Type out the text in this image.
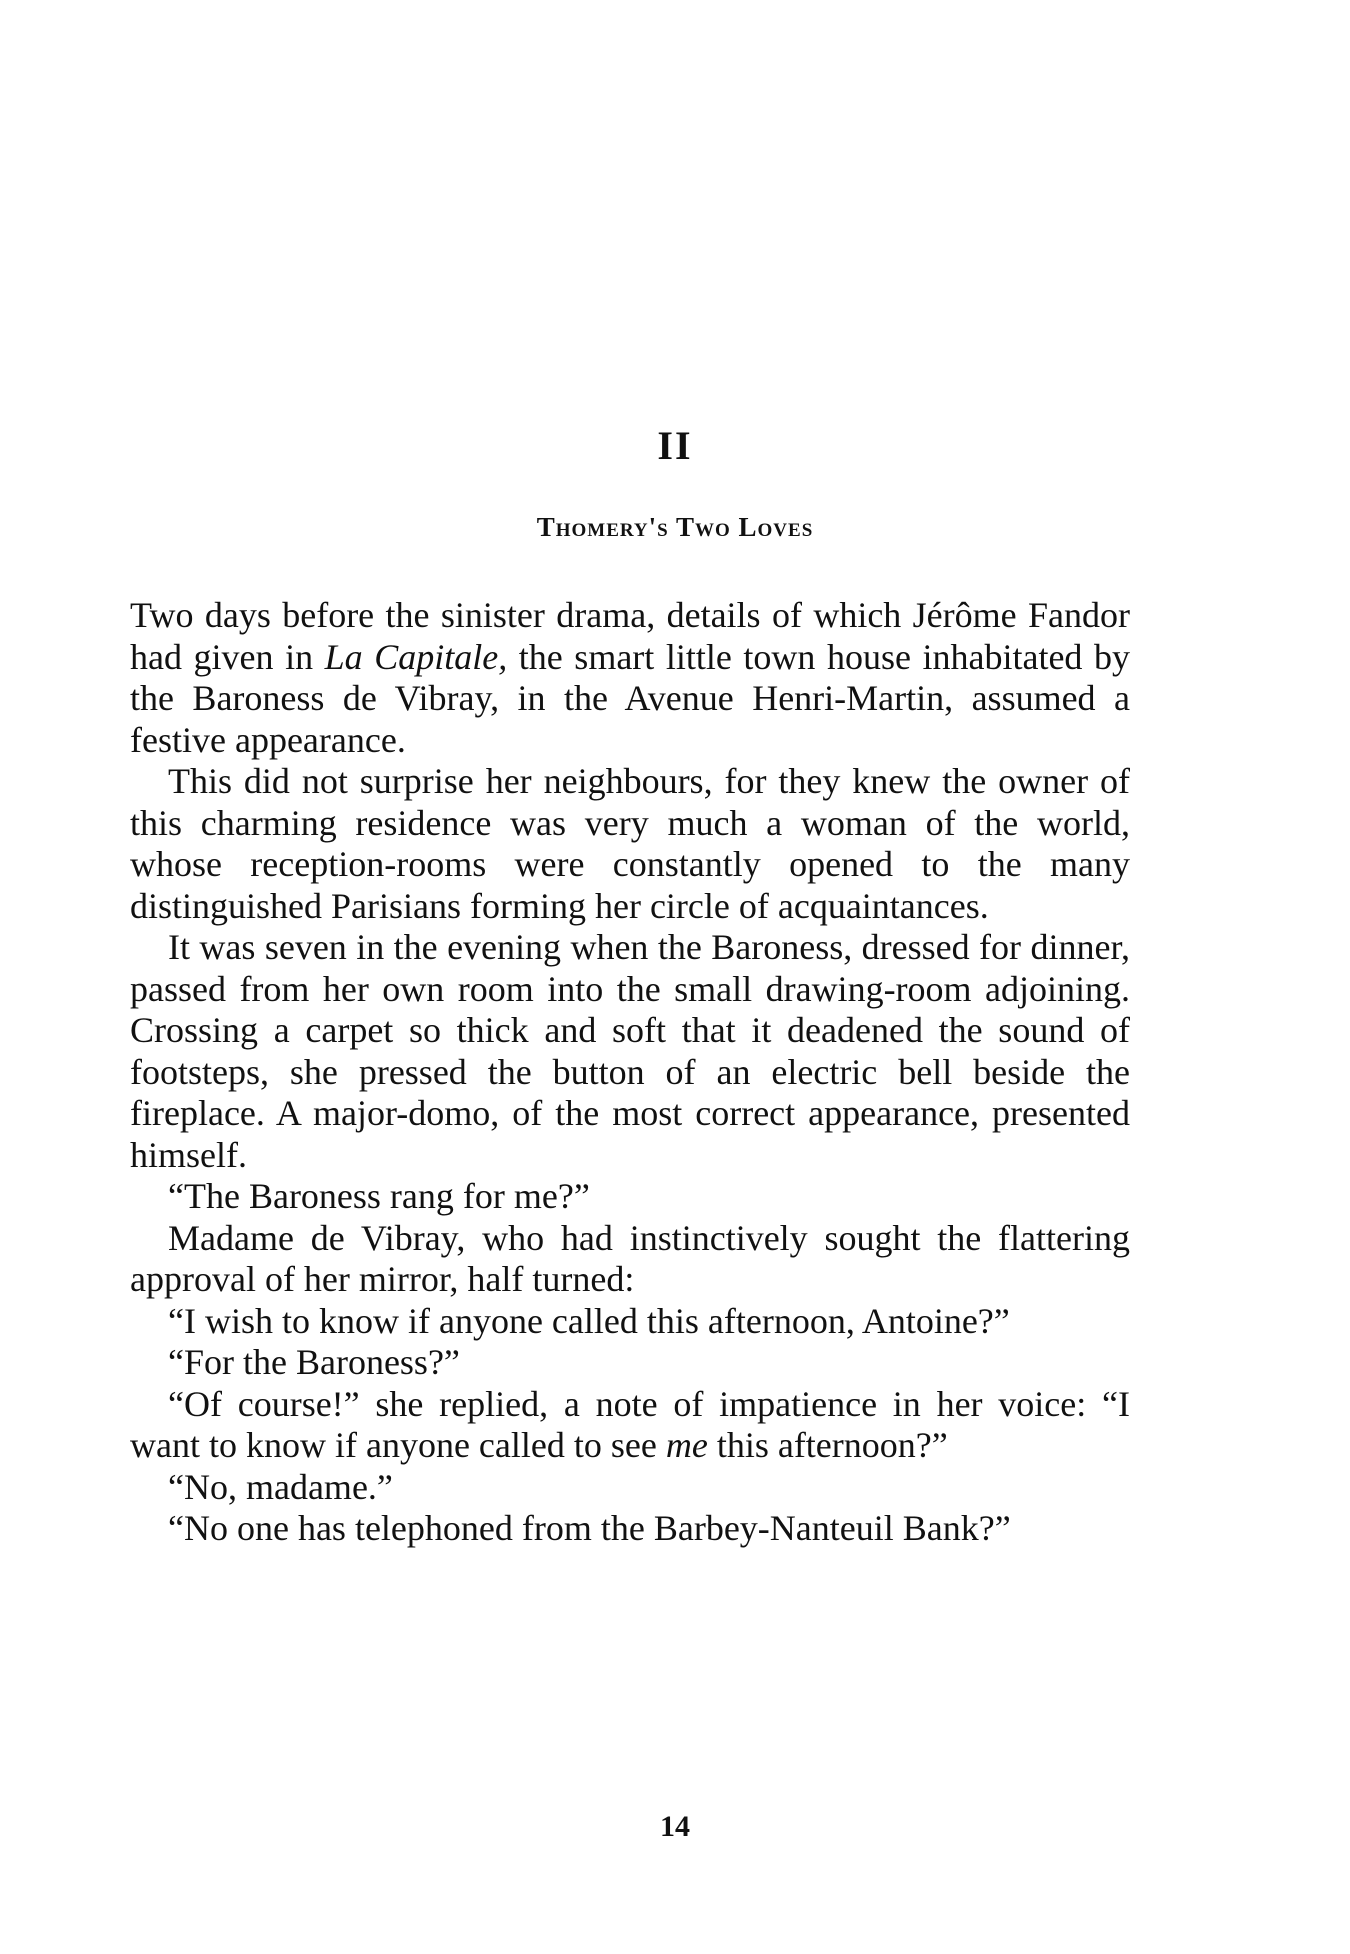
II
Thomery's Two Loves

Two days before the sinister drama, details of which Jérôme Fandor had given in La Capitale, the smart little town house inhabitated by the Baroness de Vibray, in the Avenue Henri-Martin, assumed a festive appearance.

This did not surprise her neighbours, for they knew the owner of this charming residence was very much a woman of the world, whose reception-rooms were constantly opened to the many distinguished Parisians forming her circle of acquaintances.

It was seven in the evening when the Baroness, dressed for dinner, passed from her own room into the small drawing-room adjoining. Crossing a carpet so thick and soft that it deadened the sound of footsteps, she pressed the button of an electric bell beside the fireplace. A major-domo, of the most correct appearance, presented himself.

“The Baroness rang for me?”

Madame de Vibray, who had instinctively sought the flattering approval of her mirror, half turned:

“I wish to know if anyone called this afternoon, Antoine?”

“For the Baroness?”

“Of course!” she replied, a note of impatience in her voice: “I want to know if anyone called to see me this afternoon?”

“No, madame.”

“No one has telephoned from the Barbey-Nanteuil Bank?”

14
